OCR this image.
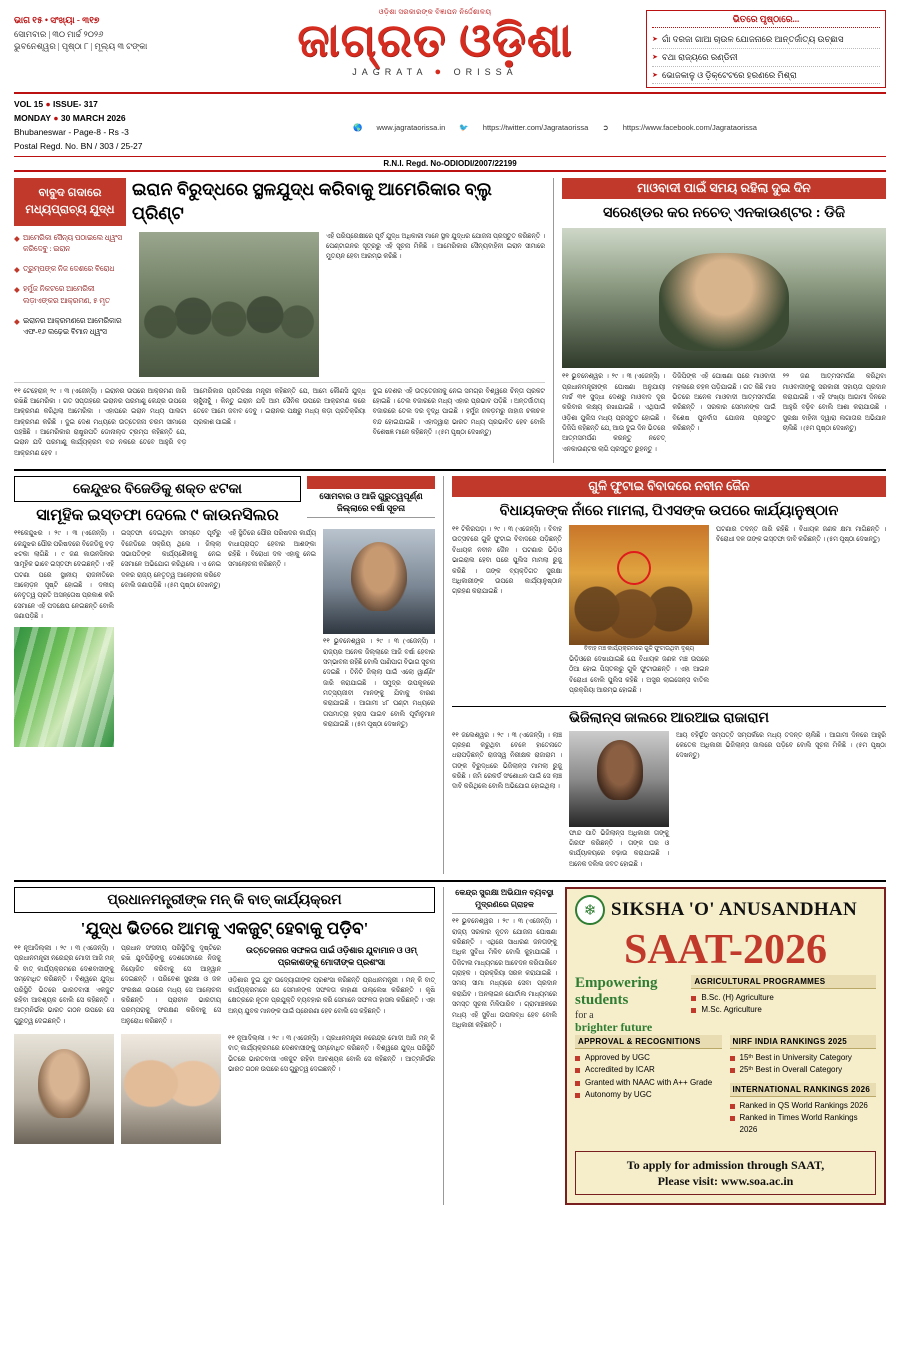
ଭାଗ ୧୫ • ସଂଖ୍ୟା - ୩୧୭
ସୋମବାର | ୩୦ ମାର୍ଚ୍ଚ ୨୦୨୬
ଭୁବନେଶ୍ୱର | ପୃଷ୍ଠା ୮ | ମୂଲ୍ୟ ୩ ଟଙ୍କା
ଓଡ଼ିଶା ସରକାରଙ୍କ ବିଜ୍ଞାପନ ନିର୍ଦ୍ଦେଶାଳୟ
ଜାଗ୍ରତ ଓଡ଼ିଶା
JAGRATA ● ORISSA
ଭିତରେ ପୃଷ୍ଠାରେ...
➤ ଗାଁ ଦରଜା ଗାଆ ଚାଉଳ ଯୋଜନାରେ ଆନ୍ତର୍ଜାତ୍ୟ ଉଚ୍ଛାସ
➤ ବଥା ରାଜ୍ୟରେ ରଣ୍ଡିନୀ
➤ ଭୋଜକାଳୁ ଓ ଡ଼ିକ୍ଟେଟରେ ହରଣରେ ମିଶ୍ରା
VOL 15 ● ISSUE- 317
MONDAY ● 30 MARCH 2026
Bhubaneswar - Page-8 - Rs -3
Postal Regd. No. BN / 303 / 25-27
🌎 www.jagrataorissa.in 🐦 https://twitter.com/Jagrataorissa ➲ https://www.facebook.com/Jagrataorissa
R.N.I. Regd. No-ODIODI/2007/22199
ବାବୁଦ ଗଦାରେ
ମଧ୍ୟପ୍ରାଚ୍ୟ ଯୁଦ୍ଧ
ଇରାନ ବିରୁଦ୍ଧରେ ସ୍ଥଳଯୁଦ୍ଧ କରିବାକୁ ଆମେରିକାର ବ୍ଲୁ ପ୍ରିଣ୍ଟ
◆ ଆମେରିକା ସୈନ୍ୟ ପଠାଇଲେ ଧ୍ୱଂସ କରିଦେବୁ : ଇରାନ
◆ ତ୍ରୁମ୍ପଙ୍କ ନିଜ ଦେଶରେ ବିରୋଧ
◆ ହର୍ମୁଜ ନିକଟରେ ଆମେରିକୀ ଲଡ଼ାଏଙ୍କର ଆକ୍ରମଣ, ୫ ମୃତ
◆ ଇରାନର ଆକ୍ରମଣରେ ଆମେରିକାର ଏଫ-୧୬ ଲଢ଼େଇ ବିମାନ ଧ୍ୱଂସ

ଏହି ପରିପ୍ରେକ୍ଷୀରେ ପୂର୍ବ ଯୁଦ୍ଧ ଅଧିକାରୀ ମାନେ ସ୍ଥଳ ଯୁଦ୍ଧର ଯୋଜନା ପ୍ରସ୍ତୁତ କରିଛନ୍ତି । ପେଣ୍ଟାଗନର ସୂତ୍ରରୁ ଏହି ସୂଚନା ମିଳିଛି । ଆମେରିକାର ସୈନ୍ୟବାହିନୀ ଇରାନ ସୀମାରେ ମୁତୟନ ହେବା ଆରମ୍ଭ କରିଛି ।

୧୧ ଟେହେରାନ୍ ୨୯ । ୩ (ଏଜେନ୍ସି) । ଇରାନର ଉପରେ ଆକ୍ରମଣ ଜାରି ରଖିଛି ଆମେରିକା । ଗତ ସପ୍ତାହରେ ଇରାନର ପରମାଣୁ କେନ୍ଦ୍ର ଉପରେ ଆକ୍ରମଣ କରିଥିଲା ଆମେରିକା । ଏହାପରେ ଇରାନ ମଧ୍ୟ ପାଲଟା ଆକ୍ରମଣ କରିଛି । ଦୁଇ ଦେଶ ମଧ୍ୟରେ ଉତ୍ତେଜନା ଚରମ ସୀମାରେ ପହଞ୍ଚିଛି । ଆମେରିକାର ରାଷ୍ଟ୍ରପତି ଡୋନାଲ୍ଡ ଟ୍ରମ୍ପ କହିଛନ୍ତି ଯେ, ଇରାନ ଯଦି ପରମାଣୁ କାର୍ଯ୍ୟକ୍ରମ ବନ୍ଦ ନକରେ ତେବେ ଆହୁରି ବଡ଼ ଆକ୍ରମଣ ହେବ ।

ଆମେରିକାର ପ୍ରତିରକ୍ଷା ମନ୍ତ୍ରୀ କହିଛନ୍ତି ଯେ, ଆମେ କୌଣସି ଯୁଦ୍ଧ ଚାହୁଁନାହୁଁ । କିନ୍ତୁ ଇରାନ ଯଦି ଆମ ସୈନିକ ଉପରେ ଆକ୍ରମଣ କରେ ତେବେ ଆମେ ଜବାବ ଦେବୁ । ଇରାନର ପକ୍ଷରୁ ମଧ୍ୟ କଡ଼ା ପ୍ରତିକ୍ରିୟା ପ୍ରକାଶ ପାଇଛି ।

ଦୁଇ ଦେଶର ଏହି ଉତ୍ତେଜନାକୁ ନେଇ ସମଗ୍ର ବିଶ୍ୱରେ ଚିନ୍ତା ପ୍ରକଟ ହୋଇଛି । ତେଲ ବଜାରରେ ମଧ୍ୟ ଏହାର ପ୍ରଭାବ ପଡ଼ିଛି । ଅନ୍ତର୍ଜାତୀୟ ବଜାରରେ ତେଲ ଦର ବୃଦ୍ଧି ପାଇଛି । ହର୍ମୁଜ ଜଳଡ଼ମରୁ ଜାହାଜ ଚଳାଚଳ ବନ୍ଦ ହୋଇଯାଇଛି । ଏହାଦ୍ୱାରା ଭାରତ ମଧ୍ୟ ପ୍ରଭାବିତ ହେବ ବୋଲି ବିଶେଷଜ୍ଞ ମାନେ କହିଛନ୍ତି । (୫ମ ପୃଷ୍ଠା ଦେଖନ୍ତୁ)

ମାଓବାଦୀ ପାଇଁ ସମୟ ରହିଲା ଦୁଇ ଦିନ
ସରେଣ୍ଡର କର ନଚେତ୍ ଏନକାଉଣ୍ଟର : ଡିଜି

୧୧ ଭୁବନେଶ୍ୱର । ୨୯ । ୩ (ଏଜେନ୍ସି) । ପ୍ରଧାନମନ୍ତ୍ରୀଙ୍କ ଘୋଷଣା ଅନୁଯାୟୀ ମାର୍ଚ୍ଚ ୩୧ ସୁଦ୍ଧା ଦେଶରୁ ମାଓବାଦ ଦୂର କରିବାର ଲକ୍ଷ୍ୟ ରଖାଯାଇଛି । ଏଥିପାଇଁ ଓଡ଼ିଶା ପୁଲିସ ମଧ୍ୟ ପ୍ରସ୍ତୁତ ହୋଇଛି । ଡିଜିପି କହିଛନ୍ତି ଯେ, ଆଉ ଦୁଇ ଦିନ ଭିତରେ ଆତ୍ମସମର୍ପଣ କରନ୍ତୁ ନଚେତ୍ ଏନକାଉଣ୍ଟର ଲାଗି ପ୍ରସ୍ତୁତ ରୁହନ୍ତୁ ।

ଡିଜିପିଙ୍କ ଏହି ଘୋଷଣା ପରେ ମାଓବାଦୀ ମହଲରେ ଚହଳ ପଡ଼ିଯାଇଛି । ଗତ କିଛି ମାସ ଭିତରେ ଅନେକ ମାଓବାଦୀ ଆତ୍ମସମର୍ପଣ କରିଛନ୍ତି । ସରକାର ସେମାନଙ୍କ ପାଇଁ ବିଶେଷ ପୁନର୍ବାସ ଯୋଜନା ପ୍ରସ୍ତୁତ କରିଛନ୍ତି ।

୨୨ ଜଣ ଆତ୍ମସମର୍ପଣ କରିଥିବା ମାଓବାଦୀଙ୍କୁ ସରକାରୀ ସହାୟତା ପ୍ରଦାନ କରାଯାଇଛି । ଏହି ସଂଖ୍ୟା ଆଗାମୀ ଦିନରେ ଆହୁରି ବଢ଼ିବ ବୋଲି ଆଶା କରାଯାଉଛି । ସୁରକ୍ଷା ବାହିନୀ ଦ୍ୱାରା ଲଗାତାର ଅଭିଯାନ ଚାଲିଛି । (୫ମ ପୃଷ୍ଠା ଦେଖନ୍ତୁ)

କେନ୍ଦୁଝର ବିଜେଡିକୁ ଶକ୍ତ ଝଟକା
ସାମୂହିକ ଇସ୍ତଫା ଦେଲେ ୯ କାଉନସିଲର

ସୋମବାର ଓ ଆଜି ଗୁରୁତ୍ୱପୂର୍ଣ୍ଣ ଜିଲ୍ଲାରେ ବର୍ଷା ସୂଚନା

୧୧କେନ୍ଦୁଝର । ୨୯ । ୩ (ଏଜେନ୍ସି) । କେନ୍ଦୁଝର ପୌର ପରିଷଦରେ ବିଜେଡିକୁ ବଡ଼ ଝଟକା ଲାଗିଛି । ୯ ଜଣ କାଉନସିଲର ସାମୂହିକ ଭାବେ ଇସ୍ତଫା ଦେଇଛନ୍ତି । ଏହି ଘଟଣା ପରେ ସ୍ଥାନୀୟ ରାଜନୀତିରେ ଆଲୋଡ଼ନ ସୃଷ୍ଟି ହୋଇଛି । ଦଳୀୟ ନେତୃତ୍ୱ ପ୍ରତି ଅସନ୍ତୋଷ ପ୍ରକାଶ କରି ସେମାନେ ଏହି ପଦକ୍ଷେପ ନେଇଛନ୍ତି ବୋଲି ଜଣାପଡ଼ିଛି ।

ଇସ୍ତଫା ଦେଇଥିବା ସମସ୍ତେ ପୂର୍ବରୁ ବିଜେଡିରେ ସକ୍ରିୟ ଥିଲେ । ଜିଲ୍ଲା ସଭାପତିଙ୍କ କାର୍ଯ୍ୟଶୈଳୀକୁ ନେଇ ସେମାନେ ଅଭିଯୋଗ କରିଥିଲେ । ଏ ନେଇ ଦଳର ରାଜ୍ୟ ନେତୃତ୍ୱ ଆଲୋଚନା କରିବେ ବୋଲି ଜଣାପଡ଼ିଛି । (୫ମ ପୃଷ୍ଠା ଦେଖନ୍ତୁ)

ଏହି ସ୍ଥିତିରେ ପୌର ପରିଷଦର କାର୍ଯ୍ୟ ବାଧାପ୍ରାପ୍ତ ହେବାର ଆଶଙ୍କା ରହିଛି । ବିରୋଧୀ ଦଳ ଏହାକୁ ନେଇ ସମାଲୋଚନା କରିଛନ୍ତି ।

୧୧ ଭୁବନେଶ୍ୱର । ୨୯ । ୩ (ଏଜେନ୍ସି) । ରାଜ୍ୟର ଅନେକ ଜିଲ୍ଲାରେ ଆଜି ବର୍ଷା ହେବାର ସମ୍ଭାବନା ରହିଛି ବୋଲି ପାଣିପାଗ ବିଭାଗ ସୂଚନା ଦେଇଛି । ତିନିଟି ଜିଲ୍ଲା ପାଇଁ ଏଲୋ ୱାର୍ଣ୍ଣିଂ ଜାରି କରାଯାଇଛି । ସମୁଦ୍ର ଉପକୂଳରେ ମତ୍ସ୍ୟଜୀବୀ ମାନଙ୍କୁ ଯିବାକୁ ବାରଣ କରାଯାଇଛି । ଆଗାମୀ ୪୮ ଘଣ୍ଟା ମଧ୍ୟରେ ତାପମାତ୍ରା ହ୍ରାସ ପାଇବ ବୋଲି ପୂର୍ବାନୁମାନ କରାଯାଇଛି । (୫ମ ପୃଷ୍ଠା ଦେଖନ୍ତୁ)

ଗୁଳି ଫୁଟାଇ ବିବାଦରେ ନବୀନ ଜୈନ
ବିଧାୟକଙ୍କ ନାଁରେ ମାମଲା, ପିଏସଙ୍କ ଉପରେ କାର୍ଯ୍ୟାନୁଷ୍ଠାନ

୧୧ ଟିକିରପଡ଼ା । ୨୯ । ୩ (ଏଜେନ୍ସି) । ବିବାହ ଉତ୍ସବରେ ଗୁଳି ଫୁଟାଇ ବିବାଦରେ ପଡ଼ିଛନ୍ତି ବିଧାୟକ ନବୀନ ଜୈନ । ଘଟଣାର ଭିଡ଼ିଓ ଭାଇରାଲ ହେବା ପରେ ପୁଲିସ ମାମଲା ରୁଜୁ କରିଛି । ତାଙ୍କ ବ୍ୟକ୍ତିଗତ ସୁରକ୍ଷା ଅଧିକାରୀଙ୍କ ଉପରେ କାର୍ଯ୍ୟାନୁଷ୍ଠାନ ଗ୍ରହଣ କରାଯାଇଛି ।

ବିବାହ ମଞ୍ଚ କାର୍ଯ୍ୟକ୍ରମରେ ଗୁଳି ଫୁଟାଉଥିବା ଦୃଶ୍ୟ

ଭିଡ଼ିଓରେ ଦେଖାଯାଇଛି ଯେ ବିଧାୟକ ଜଣକ ମଞ୍ଚ ଉପରେ ଠିଆ ହୋଇ ପିସ୍ତଲରୁ ଗୁଳି ଫୁଟାଉଛନ୍ତି । ଏହା ଆଇନ ବିରୋଧୀ ବୋଲି ପୁଲିସ କହିଛି । ଅସ୍ତ୍ର ଲାଇସେନ୍ସ ବାତିଲ ପ୍ରକ୍ରିୟା ଆରମ୍ଭ ହୋଇଛି ।

ଘଟଣାର ତଦନ୍ତ ଜାରି ରହିଛି । ବିଧାୟକ ଜଣକ କ୍ଷମା ମାଗିଛନ୍ତି । ବିରୋଧୀ ଦଳ ତାଙ୍କ ଇସ୍ତଫା ଦାବି କରିଛନ୍ତି । (୫ମ ପୃଷ୍ଠା ଦେଖନ୍ତୁ)

ଭିଜିଲାନ୍ସ ଜାଲରେ ଆରଆଇ ରାଜାରାମ

୧୧ ଜଲେଶ୍ୱର । ୨୯ । ୩ (ଏଜେନ୍ସି) । ଲାଞ୍ଚ ଗ୍ରହଣ କରୁଥିବା ବେଳେ ହାତେନାତେ ଧରାପଡ଼ିଛନ୍ତି ରାଜସ୍ୱ ନିରୀକ୍ଷକ ରାଜାରାମ । ତାଙ୍କ ବିରୁଦ୍ଧରେ ଭିଜିଲାନ୍ସ ମାମଲା ରୁଜୁ କରିଛି । ଜମି ରେକର୍ଡ ସଂଶୋଧନ ପାଇଁ ସେ ଲାଞ୍ଚ ଦାବି କରିଥିଲେ ବୋଲି ଅଭିଯୋଗ ହୋଇଥିଲା ।

ଫାନ୍ଦ ପାତି ଭିଜିଲାନ୍ସ ଅଧିକାରୀ ତାଙ୍କୁ ଗିରଫ କରିଛନ୍ତି । ତାଙ୍କ ଘର ଓ କାର୍ଯ୍ୟାଳୟରେ ଚଢ଼ାଉ କରାଯାଇଛି । ଅନେକ ଦଲିଲ ଜବତ ହୋଇଛି ।

ଆୟ ବହିର୍ଭୂତ ସମ୍ପତ୍ତି ସମ୍ପର୍କରେ ମଧ୍ୟ ତଦନ୍ତ ଚାଲିଛି । ଆଗାମୀ ଦିନରେ ଆହୁରି କେତେକ ଅଧିକାରୀ ଭିଜିଲାନ୍ସ ଜାଲରେ ପଡ଼ିବେ ବୋଲି ସୂଚନା ମିଳିଛି । (୫ମ ପୃଷ୍ଠା ଦେଖନ୍ତୁ)

ପ୍ରଧାନମନ୍ତ୍ରୀଙ୍କ ମନ୍ କି ବାତ୍ କାର୍ଯ୍ୟକ୍ରମ
'ଯୁଦ୍ଧ ଭିତରେ ଆମକୁ ଏକଜୁଟ୍ ହେବାକୁ ପଡ଼ିବ'

୧୧ ନୂଆଦିଲ୍ଲୀ । ୨୯ । ୩ (ଏଜେନ୍ସି) । ପ୍ରଧାନମନ୍ତ୍ରୀ ନରେନ୍ଦ୍ର ମୋଦୀ ଆଜି ମନ୍ କି ବାତ୍ କାର୍ଯ୍ୟକ୍ରମରେ ଦେଶବାସୀଙ୍କୁ ସମ୍ବୋଧିତ କରିଛନ୍ତି । ବିଶ୍ୱରେ ଯୁଦ୍ଧ ପରିସ୍ଥିତି ଭିତରେ ଭାରତବାସୀ ଏକଜୁଟ ରହିବା ଆବଶ୍ୟକ ବୋଲି ସେ କହିଛନ୍ତି । ଆତ୍ମନିର୍ଭର ଭାରତ ଗଠନ ଉପରେ ସେ ଗୁରୁତ୍ୱ ଦେଇଛନ୍ତି ।

ପ୍ରଧାନ ସଂସଦୀୟ ପରିସ୍ଥିତିକୁ ଦୃଷ୍ଟିରେ ରଖି ଯୁବପିଢ଼ିଙ୍କୁ ଦେଶସେବାରେ ନିଜକୁ ନିୟୋଜିତ କରିବାକୁ ସେ ଆହ୍ୱାନ ଦେଇଛନ୍ତି । ପରିବେଶ ସୁରକ୍ଷା ଓ ଜଳ ସଂରକ୍ଷଣ ଉପରେ ମଧ୍ୟ ସେ ଆଲୋଚନା କରିଛନ୍ତି । ପ୍ରାଚୀନ ଭାରତୀୟ ପରମ୍ପରାକୁ ସଂରକ୍ଷଣ କରିବାକୁ ସେ ଅନୁରୋଧ କରିଛନ୍ତି ।

ଉତ୍ତେଜନାର ସଫଳତା ପାଇଁ ଓଡ଼ିଶାର ଯୁବାମାନ ଓ ଓମ୍ ପ୍ରକାଶଙ୍କୁ ମୋଦୀଙ୍କ ପ୍ରଶଂସା

ଓଡ଼ିଶାର ଦୁଇ ଯୁବ ଉଦ୍ୟୋଗୀଙ୍କ ପ୍ରଶଂସା କରିଛନ୍ତି ପ୍ରଧାନମନ୍ତ୍ରୀ । ମନ୍ କି ବାତ୍ କାର୍ଯ୍ୟକ୍ରମରେ ସେ ସେମାନଙ୍କ ସଫଳତା କାହାଣୀ ଉଲ୍ଲେଖ କରିଛନ୍ତି । କୃଷି କ୍ଷେତ୍ରରେ ନୂତନ ପ୍ରଯୁକ୍ତି ବ୍ୟବହାର କରି ସେମାନେ ସଫଳତା ହାସଲ କରିଛନ୍ତି । ଏହା ଅନ୍ୟ ଯୁବକ ମାନଙ୍କ ପାଇଁ ପ୍ରେରଣା ହେବ ବୋଲି ସେ କହିଛନ୍ତି ।

୧୧ ନୂଆଦିଲ୍ଲୀ । ୨୯ । ୩ (ଏଜେନ୍ସି) । ପ୍ରଧାନମନ୍ତ୍ରୀ ନରେନ୍ଦ୍ର ମୋଦୀ ଆଜି ମନ୍ କି ବାତ୍ କାର୍ଯ୍ୟକ୍ରମରେ ଦେଶବାସୀଙ୍କୁ ସମ୍ବୋଧିତ କରିଛନ୍ତି । ବିଶ୍ୱରେ ଯୁଦ୍ଧ ପରିସ୍ଥିତି ଭିତରେ ଭାରତବାସୀ ଏକଜୁଟ ରହିବା ଆବଶ୍ୟକ ବୋଲି ସେ କହିଛନ୍ତି । ଆତ୍ମନିର୍ଭର ଭାରତ ଗଠନ ଉପରେ ସେ ଗୁରୁତ୍ୱ ଦେଇଛନ୍ତି ।

କେନ୍ଦ୍ର ସୁରକ୍ଷା ଅଭିଯାନ ବ୍ୟବସ୍ଥା ମୁଦ୍ରଣରେ ଗ୍ରାହକ

୧୧ ଭୁବନେଶ୍ୱର । ୨୯ । ୩ (ଏଜେନ୍ସି) । ରାଜ୍ୟ ସରକାର ନୂତନ ଯୋଜନା ଘୋଷଣା କରିଛନ୍ତି । ଏଥିରେ ସାଧାରଣ ଜନତାଙ୍କୁ ଅଧିକ ସୁବିଧା ମିଳିବ ବୋଲି କୁହାଯାଇଛି । ଡିଜିଟାଲ ମାଧ୍ୟମରେ ଆବେଦନ କରିପାରିବେ ଗ୍ରାହକ । ପ୍ରକ୍ରିୟା ସରଳ କରାଯାଇଛି । ସମୟ ସୀମା ମଧ୍ୟରେ ସେବା ପ୍ରଦାନ କରାଯିବ । ଅନଲାଇନ ପୋର୍ଟାଲ ମାଧ୍ୟମରେ ସମସ୍ତ ସୂଚନା ମିଳିପାରିବ । ଗ୍ରାମାଞ୍ଚଳରେ ମଧ୍ୟ ଏହି ସୁବିଧା ଉପଲବ୍ଧ ହେବ ବୋଲି ଅଧିକାରୀ କହିଛନ୍ତି ।

❄ SIKSHA 'O' ANUSANDHAN
SAAT-2026
Empowering
students
for a
brighter future
AGRICULTURAL PROGRAMMES
B.Sc. (H) Agriculture
M.Sc. Agriculture
APPROVAL & RECOGNITIONS
Approved by UGC
Accredited by ICAR
Granted with NAAC with A++ Grade
Autonomy by UGC
NIRF INDIA RANKINGS 2025
15ᵗʰ Best in University Category
25ᵗʰ Best in Overall Category
INTERNATIONAL RANKINGS 2026
Ranked in QS World Rankings 2026
Ranked in Times World Rankings 2026
To apply for admission through SAAT,
Please visit: www.soa.ac.in
